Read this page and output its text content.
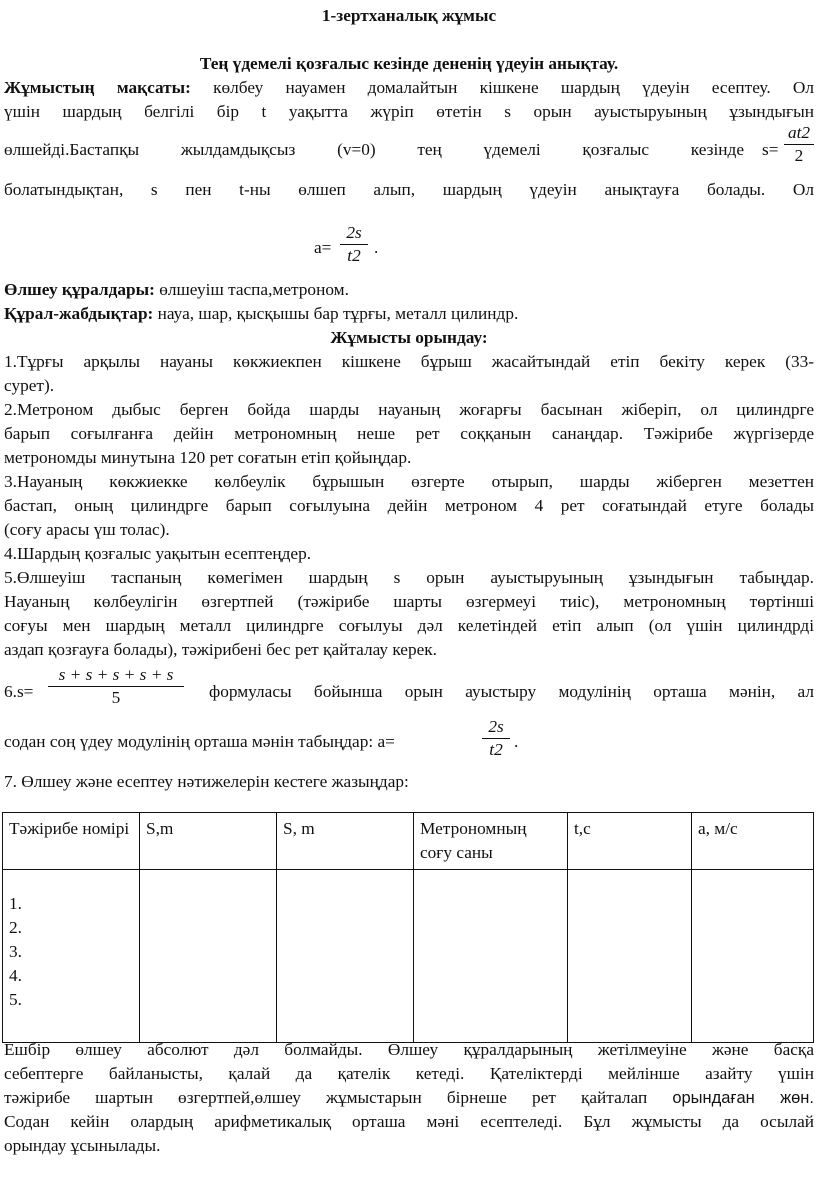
1-зертханалық жұмыс

Тең үдемелі қозғалыс кезінде дененің үдеуін анықтау.

Жұмыстың мақсаты: көлбеу науамен домалайтын кішкене шардың үдеуін есептеу. Ол

үшін шардың белгілі бір t уақытта жүріп өтетін s орын ауыстыруының ұзындығын

өлшейді.Бастапқы жылдамдықсыз (v=0) тең үдемелі қозғалыс кезінде $s= \frac{at2}{2}$

болатындықтан, s пен t-ны өлшеп алып, шардың үдеуін анықтауға болады. Ол

$a= \frac{2s}{t2}$ .

Өлшеу құралдары: өлшеуіш таспа,метроном.

Құрал-жабдықтар: науа, шар, қысқышы бар тұрғы, металл цилиндр.

Жұмысты орындау:

1.Тұрғы арқылы науаны көкжиекпен кішкене бұрыш жасайтындай етіп бекіту керек (33-

сурет).

2.Метроном дыбыс берген бойда шарды науаның жоғарғы басынан жіберіп, ол цилиндрге

барып соғылғанға дейін метрономның неше рет соққанын санаңдар. Тәжірибе жүргізерде

метрономды минутына 120 рет соғатын етіп қойыңдар.

3.Науаның көкжиекке көлбеулік бұрышын өзгерте отырып, шарды жіберген мезеттен

бастап, оның цилиндрге барып соғылуына дейін метроном 4 рет соғатындай етуге болады

(соғу арасы үш толас).

4.Шардың қозғалыс уақытын есептеңдер.

5.Өлшеуіш таспаның көмегімен шардың s орын ауыстыруының ұзындығын табыңдар.

Науаның көлбеулігін өзгертпей (тәжірибе шарты өзгермеуі тиіс), метрономның төртінші

соғуы мен шардың металл цилиндрге соғылуы дәл келетіндей етіп алып (ол үшін цилиндрді

аздап қозғауға болады), тәжірибені бес рет қайталау керек.

$6.s= \frac{s + s + s + s + s}{5}$ формуласы бойынша орын ауыстыру модулінің орташа мәнін, ал
содан соң үдеу модулінің орташа мәнін табыңдар: a=	$\frac{2s}{t2}$ .

7. Өлшеу және есептеу нәтижелерін кестеге жазыңдар:

Тәжірибе номірі	S,m	S, m	Метрономның соғу саны	t,c	a, м/с

1.
2.
3.
4.
5.					

Ешбір өлшеу абсолют дәл болмайды. Өлшеу құралдарының жетілмеуіне және басқа

себептерге байланысты, қалай да қателік кетеді. Қателіктерді мейлінше азайту үшін

тәжірибе шартын өзгертпей,өлшеу жұмыстарын бірнеше рет қайталап орындаған жөн.

Содан кейін олардың арифметикалық орташа мәні есептеледі. Бұл жұмысты да осылай

орындау ұсынылады.
